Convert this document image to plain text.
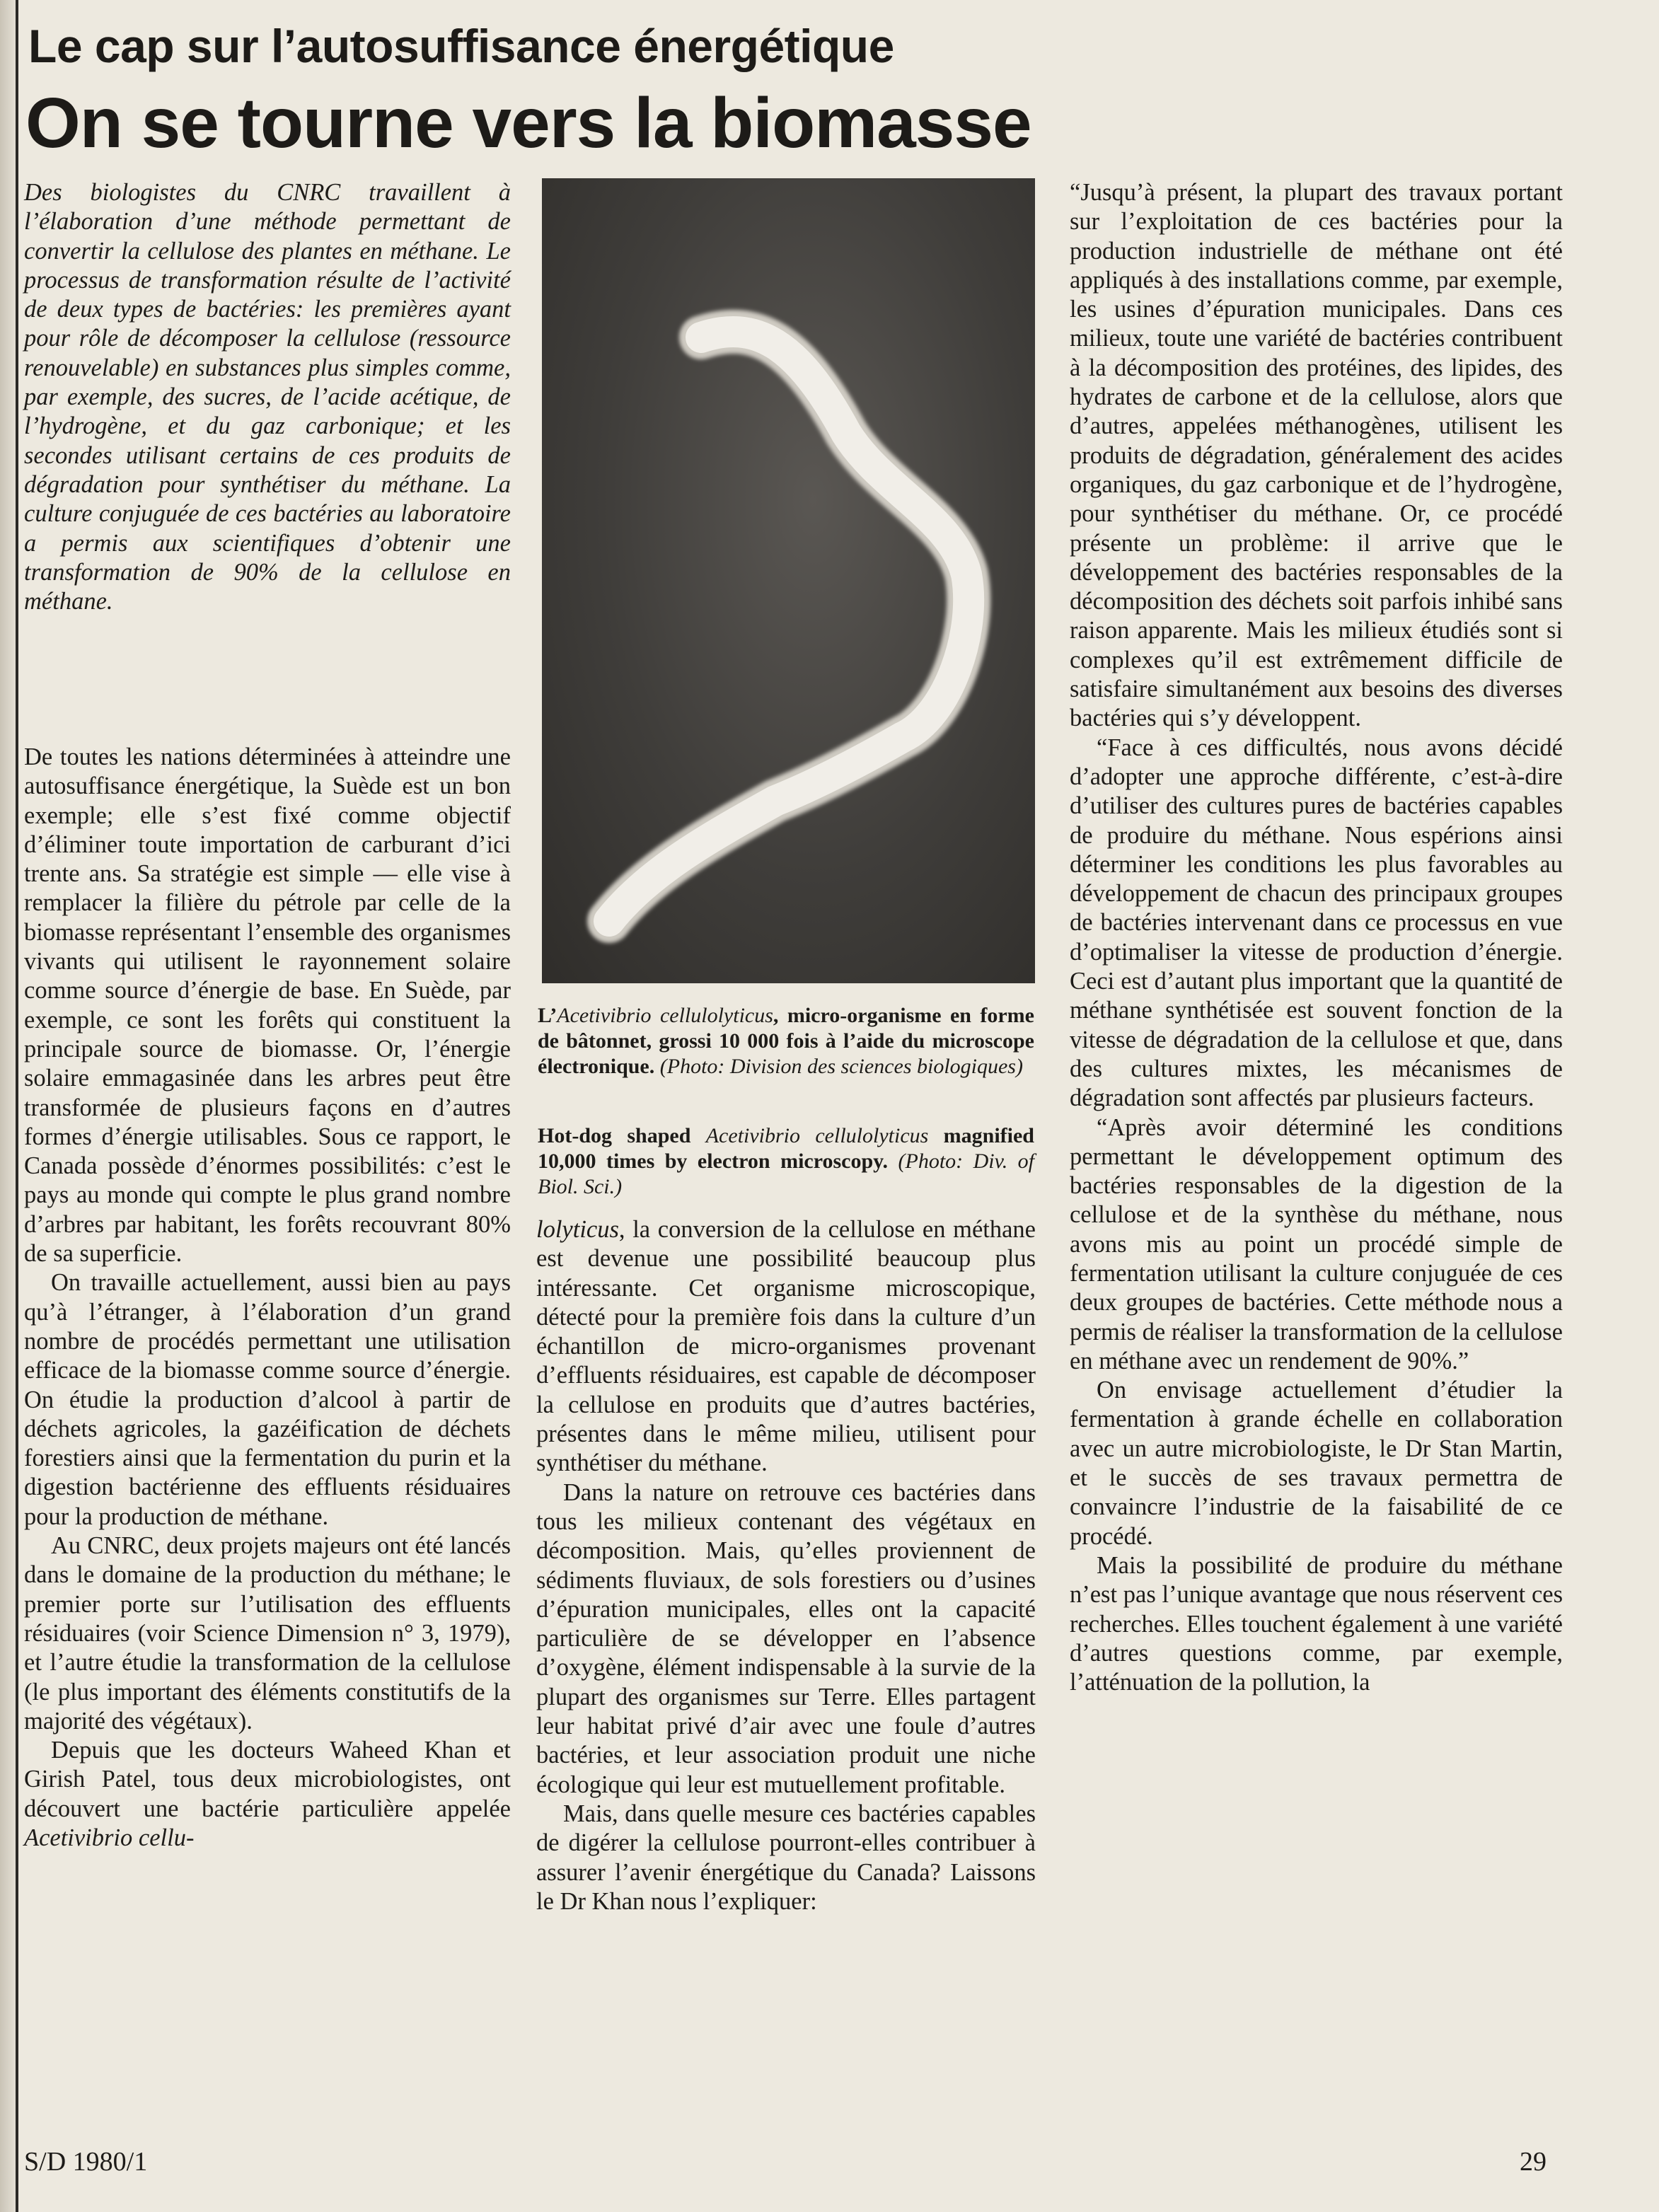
Le cap sur l’autosuffisance énergétique
On se tourne vers la biomasse

Des biologistes du CNRC travaillent à l’élaboration d’une méthode permettant de convertir la cellulose des plantes en méthane. Le processus de transformation résulte de l’activité de deux types de bactéries: les premières ayant pour rôle de décomposer la cellulose (ressource renouvelable) en substances plus simples comme, par exemple, des sucres, de l’acide acétique, de l’hydrogène, et du gaz carbonique; et les secondes utilisant certains de ces produits de dégradation pour synthétiser du méthane. La culture conjuguée de ces bactéries au laboratoire a permis aux scientifiques d’obtenir une transformation de 90% de la cellulose en méthane.

De toutes les nations déterminées à atteindre une autosuffisance énergétique, la Suède est un bon exemple; elle s’est fixé comme objectif d’éliminer toute importation de carburant d’ici trente ans. Sa stratégie est simple — elle vise à remplacer la filière du pétrole par celle de la biomasse représentant l’ensemble des organismes vivants qui utilisent le rayonnement solaire comme source d’énergie de base. En Suède, par exemple, ce sont les forêts qui constituent la principale source de biomasse. Or, l’énergie solaire emmagasinée dans les arbres peut être transformée de plusieurs façons en d’autres formes d’énergie utilisables. Sous ce rapport, le Canada possède d’énormes possibilités: c’est le pays au monde qui compte le plus grand nombre d’arbres par habitant, les forêts recouvrant 80% de sa superficie.

On travaille actuellement, aussi bien au pays qu’à l’étranger, à l’élaboration d’un grand nombre de procédés permettant une utilisation efficace de la biomasse comme source d’énergie. On étudie la production d’alcool à partir de déchets agricoles, la gazéification de déchets forestiers ainsi que la fermentation du purin et la digestion bactérienne des effluents résiduaires pour la production de méthane.

Au CNRC, deux projets majeurs ont été lancés dans le domaine de la production du méthane; le premier porte sur l’utilisation des effluents résiduaires (voir Science Dimension n° 3, 1979), et l’autre étudie la transformation de la cellulose (le plus important des éléments constitutifs de la majorité des végétaux).

Depuis que les docteurs Waheed Khan et Girish Patel, tous deux microbiologistes, ont découvert une bactérie particulière appelée Acetivibrio cellu-

L’Acetivibrio cellulolyticus, micro-organisme en forme de bâtonnet, grossi 10 000 fois à l’aide du microscope électronique. (Photo: Division des sciences biologiques)

Hot-dog shaped Acetivibrio cellulolyticus magnified 10,000 times by electron microscopy. (Photo: Div. of Biol. Sci.)

lolyticus, la conversion de la cellulose en méthane est devenue une possibilité beaucoup plus intéressante. Cet organisme microscopique, détecté pour la première fois dans la culture d’un échantillon de micro-organismes provenant d’effluents résiduaires, est capable de décomposer la cellulose en produits que d’autres bactéries, présentes dans le même milieu, utilisent pour synthétiser du méthane.

Dans la nature on retrouve ces bactéries dans tous les milieux contenant des végétaux en décomposition. Mais, qu’elles proviennent de sédiments fluviaux, de sols forestiers ou d’usines d’épuration municipales, elles ont la capacité particulière de se développer en l’absence d’oxygène, élément indispensable à la survie de la plupart des organismes sur Terre. Elles partagent leur habitat privé d’air avec une foule d’autres bactéries, et leur association produit une niche écologique qui leur est mutuellement profitable.

Mais, dans quelle mesure ces bactéries capables de digérer la cellulose pourront-elles contribuer à assurer l’avenir énergétique du Canada? Laissons le Dr Khan nous l’expliquer:

“Jusqu’à présent, la plupart des travaux portant sur l’exploitation de ces bactéries pour la production industrielle de méthane ont été appliqués à des installations comme, par exemple, les usines d’épuration municipales. Dans ces milieux, toute une variété de bactéries contribuent à la décomposition des protéines, des lipides, des hydrates de carbone et de la cellulose, alors que d’autres, appelées méthanogènes, utilisent les produits de dégradation, généralement des acides organiques, du gaz carbonique et de l’hydrogène, pour synthétiser du méthane. Or, ce procédé présente un problème: il arrive que le développement des bactéries responsables de la décomposition des déchets soit parfois inhibé sans raison apparente. Mais les milieux étudiés sont si complexes qu’il est extrêmement difficile de satisfaire simultanément aux besoins des diverses bactéries qui s’y développent.

“Face à ces difficultés, nous avons décidé d’adopter une approche différente, c’est-à-dire d’utiliser des cultures pures de bactéries capables de produire du méthane. Nous espérions ainsi déterminer les conditions les plus favorables au développement de chacun des principaux groupes de bactéries intervenant dans ce processus en vue d’optimaliser la vitesse de production d’énergie. Ceci est d’autant plus important que la quantité de méthane synthétisée est souvent fonction de la vitesse de dégradation de la cellulose et que, dans des cultures mixtes, les mécanismes de dégradation sont affectés par plusieurs facteurs.

“Après avoir déterminé les conditions permettant le développement optimum des bactéries responsables de la digestion de la cellulose et de la synthèse du méthane, nous avons mis au point un procédé simple de fermentation utilisant la culture conjuguée de ces deux groupes de bactéries. Cette méthode nous a permis de réaliser la transformation de la cellulose en méthane avec un rendement de 90%.”

On envisage actuellement d’étudier la fermentation à grande échelle en collaboration avec un autre microbiologiste, le Dr Stan Martin, et le succès de ses travaux permettra de convaincre l’industrie de la faisabilité de ce procédé.

Mais la possibilité de produire du méthane n’est pas l’unique avantage que nous réservent ces recherches. Elles touchent également à une variété d’autres questions comme, par exemple, l’atténuation de la pollution, la

S/D 1980/1	29
